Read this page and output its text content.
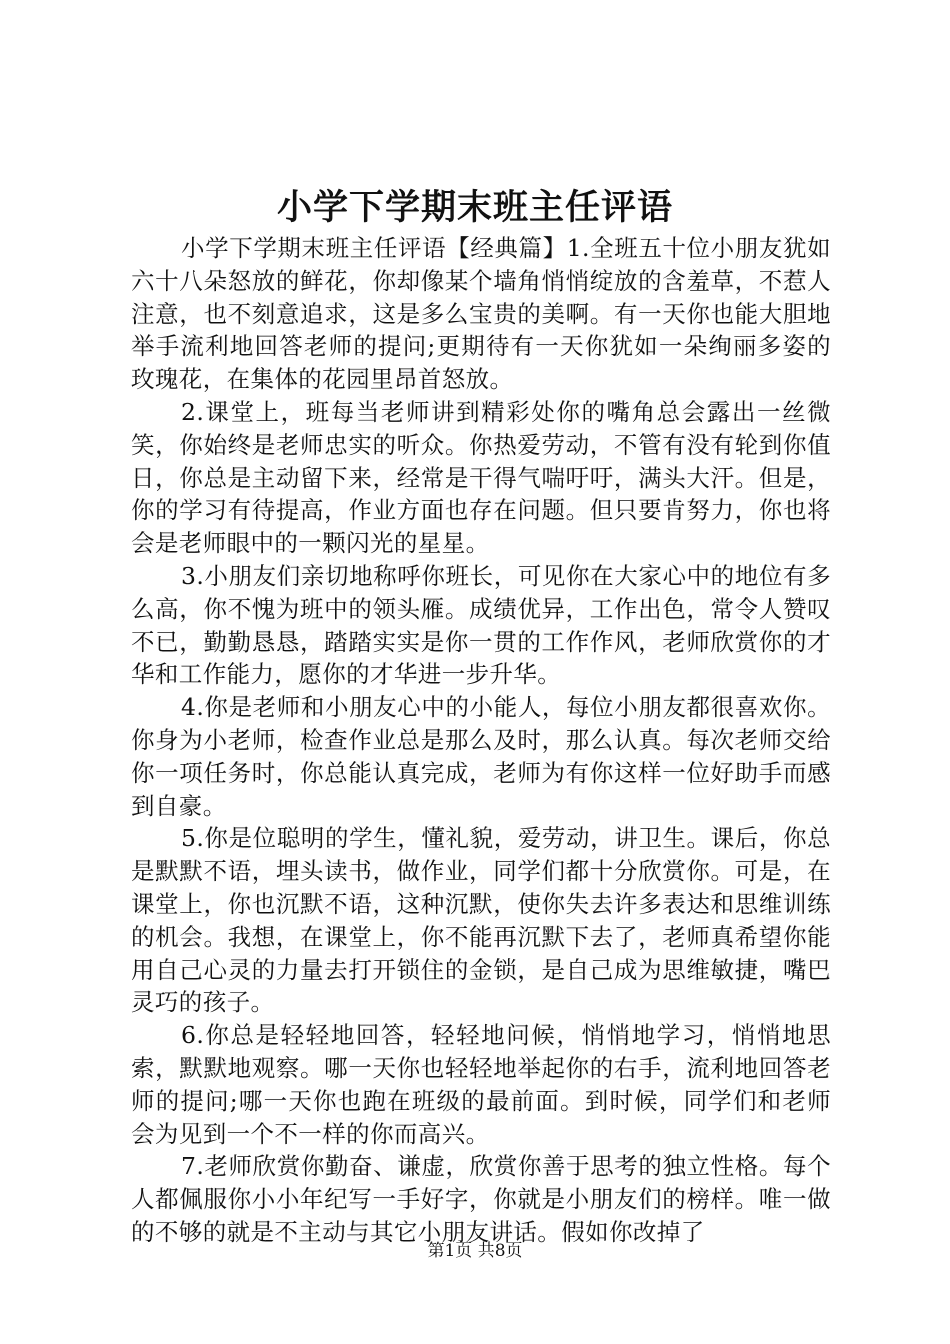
小学下学期末班主任评语

小学下学期末班主任评语【经典篇】1.全班五十位小朋友犹如六十八朵怒放的鲜花，你却像某个墙角悄悄绽放的含羞草，不惹人注意，也不刻意追求，这是多么宝贵的美啊。有一天你也能大胆地举手流利地回答老师的提问;更期待有一天你犹如一朵绚丽多姿的玫瑰花，在集体的花园里昂首怒放。

2.课堂上，班每当老师讲到精彩处你的嘴角总会露出一丝微笑，你始终是老师忠实的听众。你热爱劳动，不管有没有轮到你值日，你总是主动留下来，经常是干得气喘吁吁，满头大汗。但是，你的学习有待提高，作业方面也存在问题。但只要肯努力，你也将会是老师眼中的一颗闪光的星星。

3.小朋友们亲切地称呼你班长，可见你在大家心中的地位有多么高，你不愧为班中的领头雁。成绩优异，工作出色，常令人赞叹不已，勤勤恳恳，踏踏实实是你一贯的工作作风，老师欣赏你的才华和工作能力，愿你的才华进一步升华。

4.你是老师和小朋友心中的小能人，每位小朋友都很喜欢你。你身为小老师，检查作业总是那么及时，那么认真。每次老师交给你一项任务时，你总能认真完成，老师为有你这样一位好助手而感到自豪。

5.你是位聪明的学生，懂礼貌，爱劳动，讲卫生。课后，你总是默默不语，埋头读书，做作业，同学们都十分欣赏你。可是，在课堂上，你也沉默不语，这种沉默，使你失去许多表达和思维训练的机会。我想，在课堂上，你不能再沉默下去了，老师真希望你能用自己心灵的力量去打开锁住的金锁，是自己成为思维敏捷，嘴巴灵巧的孩子。

6.你总是轻轻地回答，轻轻地问候，悄悄地学习，悄悄地思索，默默地观察。哪一天你也轻轻地举起你的右手，流利地回答老师的提问;哪一天你也跑在班级的最前面。到时候，同学们和老师会为见到一个不一样的你而高兴。

7.老师欣赏你勤奋、谦虚，欣赏你善于思考的独立性格。每个人都佩服你小小年纪写一手好字，你就是小朋友们的榜样。唯一做的不够的就是不主动与其它小朋友讲话。假如你改掉了

第1页 共8页
